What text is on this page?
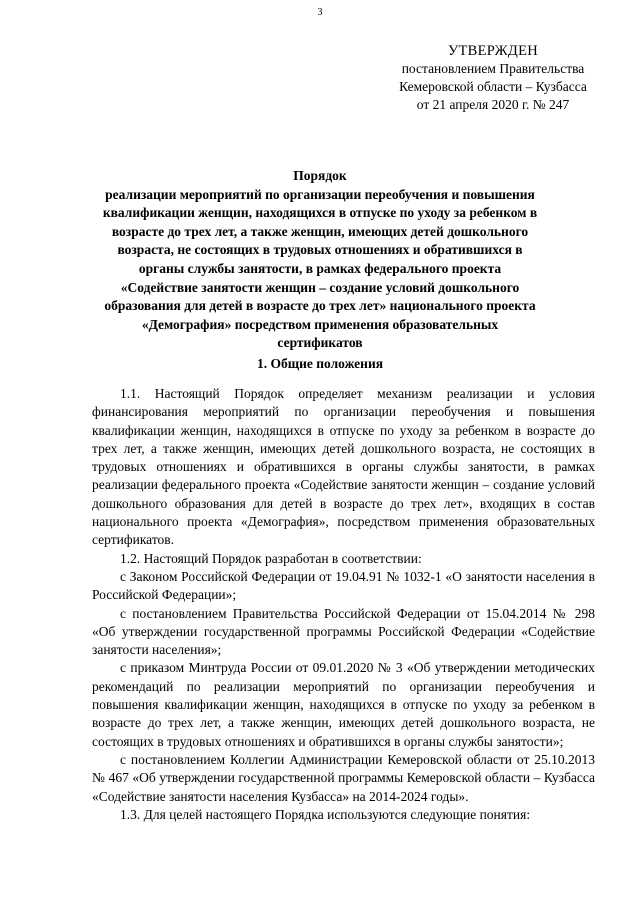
3
УТВЕРЖДЕН
постановлением Правительства
Кемеровской области – Кузбасса
от 21 апреля 2020 г. № 247
Порядок
реализации мероприятий по организации переобучения и повышения квалификации женщин, находящихся в отпуске по уходу за ребенком в возрасте до трех лет, а также женщин, имеющих детей дошкольного возраста, не состоящих в трудовых отношениях и обратившихся в органы службы занятости, в рамках федерального проекта «Содействие занятости женщин – создание условий дошкольного образования для детей в возрасте до трех лет» национального проекта «Демография» посредством применения образовательных сертификатов
1. Общие положения

1.1. Настоящий Порядок определяет механизм реализации и условия финансирования мероприятий по организации переобучения и повышения квалификации женщин, находящихся в отпуске по уходу за ребенком в возрасте до трех лет, а также женщин, имеющих детей дошкольного возраста, не состоящих в трудовых отношениях и обратившихся в органы службы занятости, в рамках реализации федерального проекта «Содействие занятости женщин – создание условий дошкольного образования для детей в возрасте до трех лет», входящих в состав национального проекта «Демография», посредством применения образовательных сертификатов.

1.2. Настоящий Порядок разработан в соответствии:

с Законом Российской Федерации от 19.04.91 № 1032-1 «О занятости населения в Российской Федерации»;

с постановлением Правительства Российской Федерации от 15.04.2014 № 298 «Об утверждении государственной программы Российской Федерации «Содействие занятости населения»;

с приказом Минтруда России от 09.01.2020 № 3 «Об утверждении методических рекомендаций по реализации мероприятий по организации переобучения и повышения квалификации женщин, находящихся в отпуске по уходу за ребенком в возрасте до трех лет, а также женщин, имеющих детей дошкольного возраста, не состоящих в трудовых отношениях и обратившихся в органы службы занятости»;

с постановлением Коллегии Администрации Кемеровской области от 25.10.2013 № 467 «Об утверждении государственной программы Кемеровской области – Кузбасса «Содействие занятости населения Кузбасса» на 2014-2024 годы».

1.3. Для целей настоящего Порядка используются следующие понятия:
